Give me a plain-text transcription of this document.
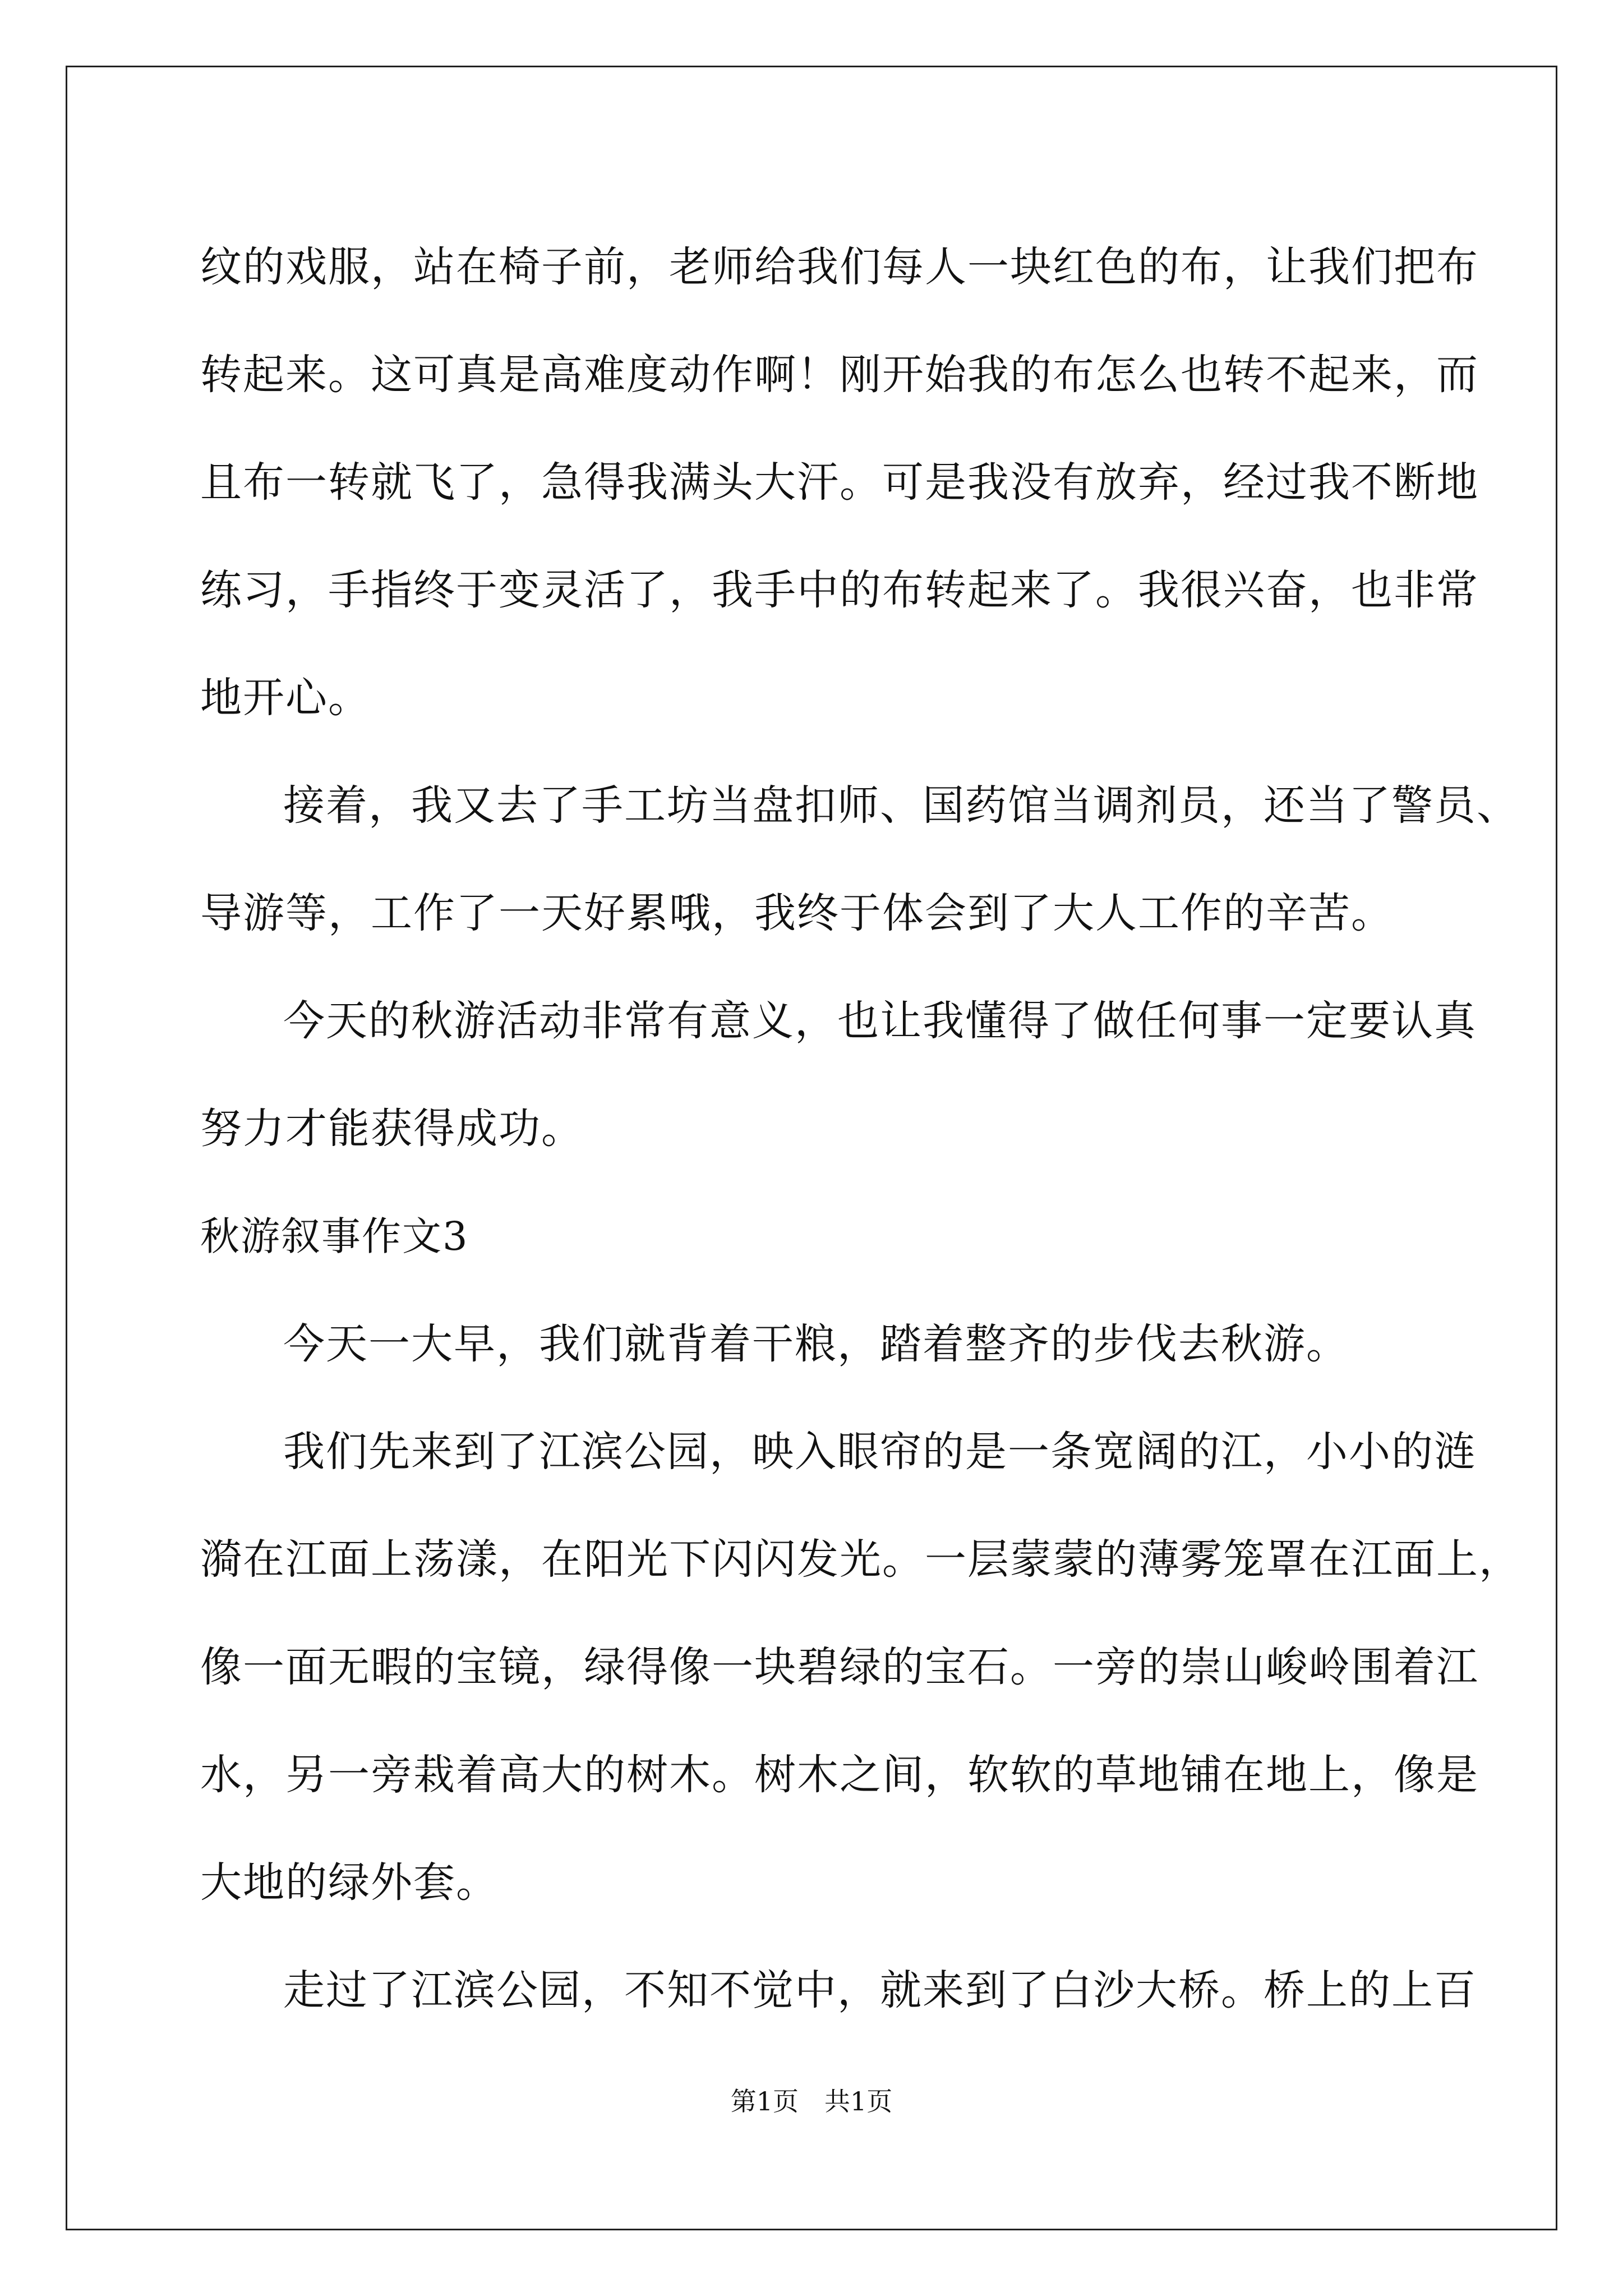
纹的戏服，站在椅子前，老师给我们每人一块红色的布，让我们把布
转起来。这可真是高难度动作啊！刚开始我的布怎么也转不起来，而
且布一转就飞了，急得我满头大汗。可是我没有放弃，经过我不断地
练习，手指终于变灵活了，我手中的布转起来了。我很兴奋，也非常
地开心。
接着，我又去了手工坊当盘扣师、国药馆当调剂员，还当了警员、
导游等，工作了一天好累哦，我终于体会到了大人工作的辛苦。
今天的秋游活动非常有意义，也让我懂得了做任何事一定要认真
努力才能获得成功。
秋游叙事作文3
今天一大早，我们就背着干粮，踏着整齐的步伐去秋游。
我们先来到了江滨公园，映入眼帘的是一条宽阔的江，小小的涟
漪在江面上荡漾，在阳光下闪闪发光。一层蒙蒙的薄雾笼罩在江面上，
像一面无暇的宝镜，绿得像一块碧绿的宝石。一旁的崇山峻岭围着江
水，另一旁栽着高大的树木。树木之间，软软的草地铺在地上，像是
大地的绿外套。
走过了江滨公园，不知不觉中，就来到了白沙大桥。桥上的上百
第1页　共1页
